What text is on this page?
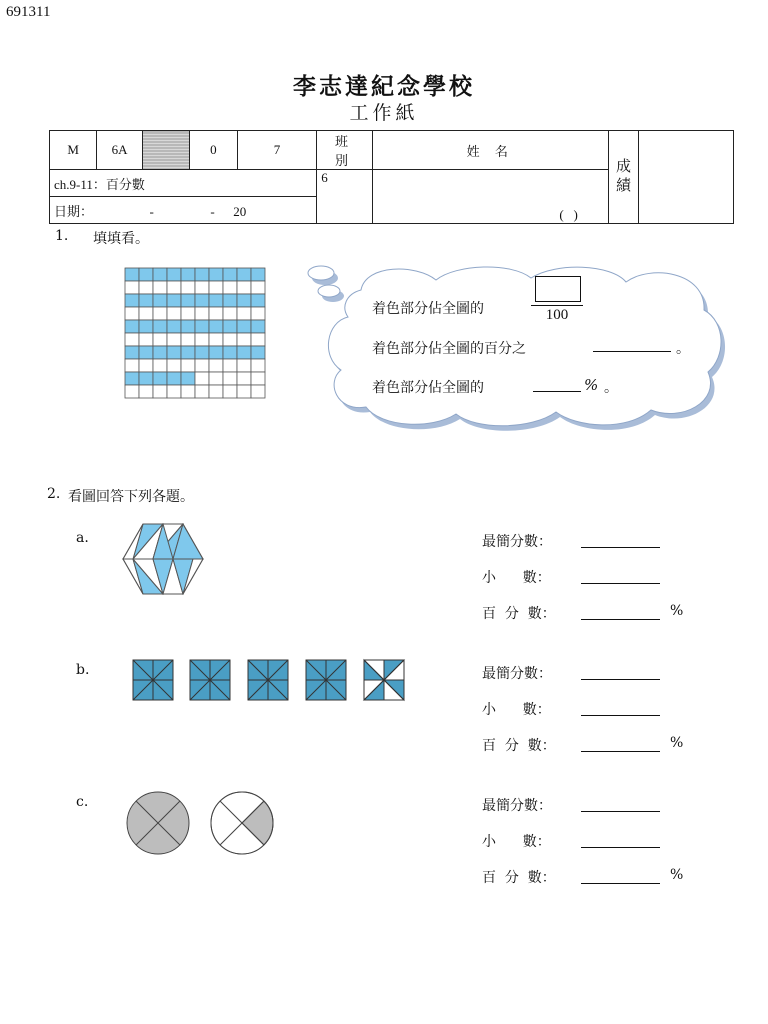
691311
李志達紀念學校
工作紙
M	6A		0	7	班 別	姓 名	成績	
ch.9-11：百分數					6	(   )		
日期： - - 20								
1. 填填看。
着色部分佔全圖的	100
着色部分佔全圖的百分之	。
着色部分佔全圖的	% 。
2. 看圖回答下列各題。
a.
b.
c.
最簡分數：
小      數：
百  分  數：	%
最簡分數：
小      數：
百  分  數：	%
最簡分數：
小      數：
百  分  數：	%
